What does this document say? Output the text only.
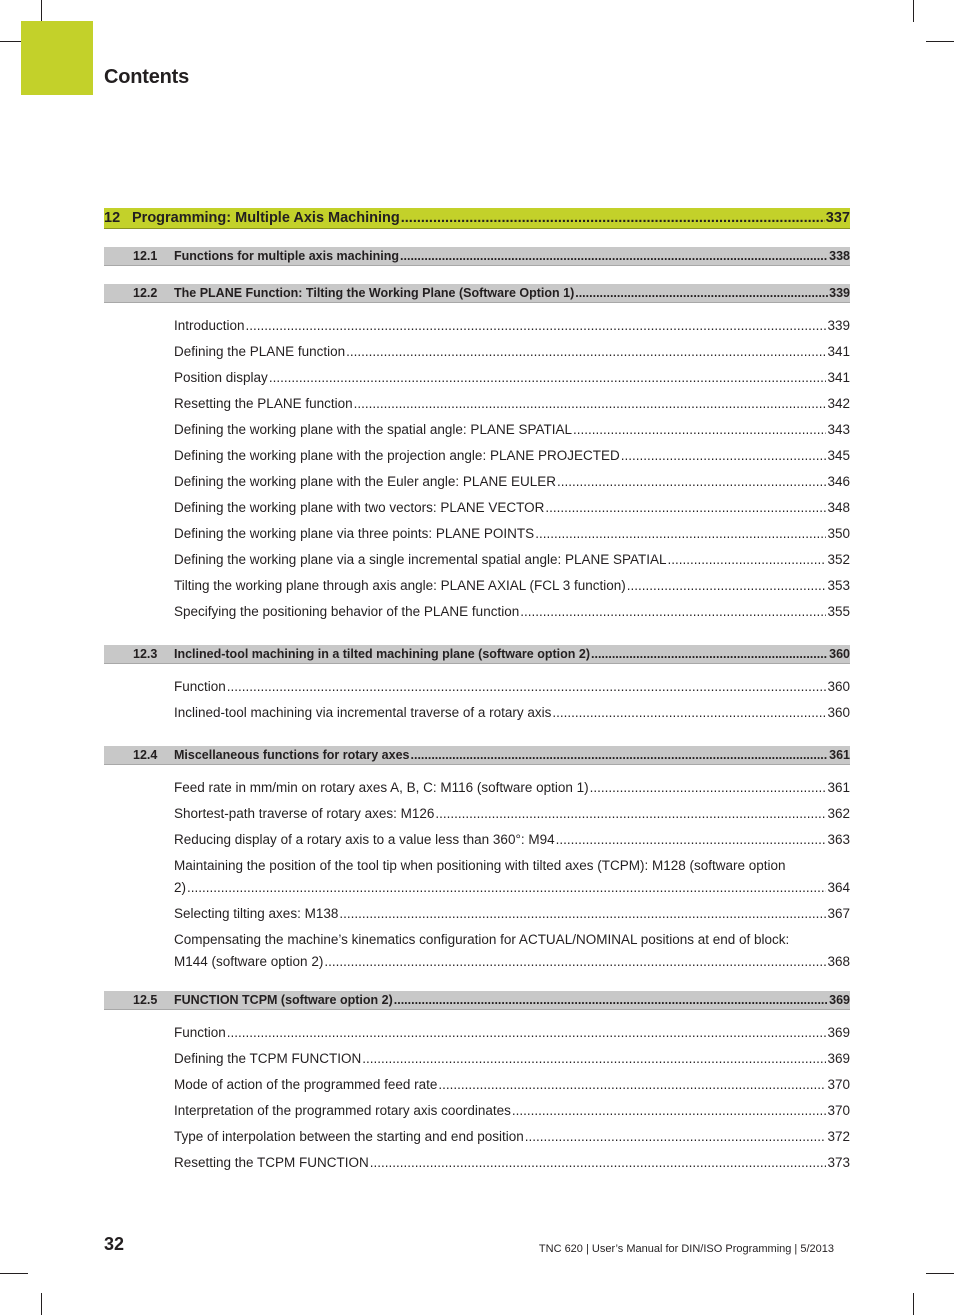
Contents
12 Programming: Multiple Axis Machining .....	337
12.1	Functions for multiple axis machining .....	338
12.2	The PLANE Function: Tilting the Working Plane (Software Option 1) .....	339
Introduction .....	339
Defining the PLANE function .....	341
Position display .....	341
Resetting the PLANE function .....	342
Defining the working plane with the spatial angle: PLANE SPATIAL .....	343
Defining the working plane with the projection angle: PLANE PROJECTED .....	345
Defining the working plane with the Euler angle: PLANE EULER .....	346
Defining the working plane with two vectors: PLANE VECTOR .....	348
Defining the working plane via three points: PLANE POINTS .....	350
Defining the working plane via a single incremental spatial angle: PLANE SPATIAL .....	352
Tilting the working plane through axis angle: PLANE AXIAL (FCL 3 function) .....	353
Specifying the positioning behavior of the PLANE function .....	355
12.3	Inclined-tool machining in a tilted machining plane (software option 2) .....	360
Function .....	360
Inclined-tool machining via incremental traverse of a rotary axis .....	360
12.4	Miscellaneous functions for rotary axes .....	361
Feed rate in mm/min on rotary axes A, B, C: M116 (software option 1) .....	361
Shortest-path traverse of rotary axes: M126 .....	362
Reducing display of a rotary axis to a value less than 360°: M94 .....	363
Maintaining the position of the tool tip when positioning with tilted axes (TCPM): M128 (software option
2) .....	364
Selecting tilting axes: M138 .....	367
Compensating the machine’s kinematics configuration for ACTUAL/NOMINAL positions at end of block:
M144 (software option 2) .....	368
12.5	FUNCTION TCPM (software option 2) .....	369
Function .....	369
Defining the TCPM FUNCTION .....	369
Mode of action of the programmed feed rate .....	370
Interpretation of the programmed rotary axis coordinates .....	370
Type of interpolation between the starting and end position .....	372
Resetting the TCPM FUNCTION .....	373
32	TNC 620 | User’s Manual for DIN/ISO Programming | 5/2013
